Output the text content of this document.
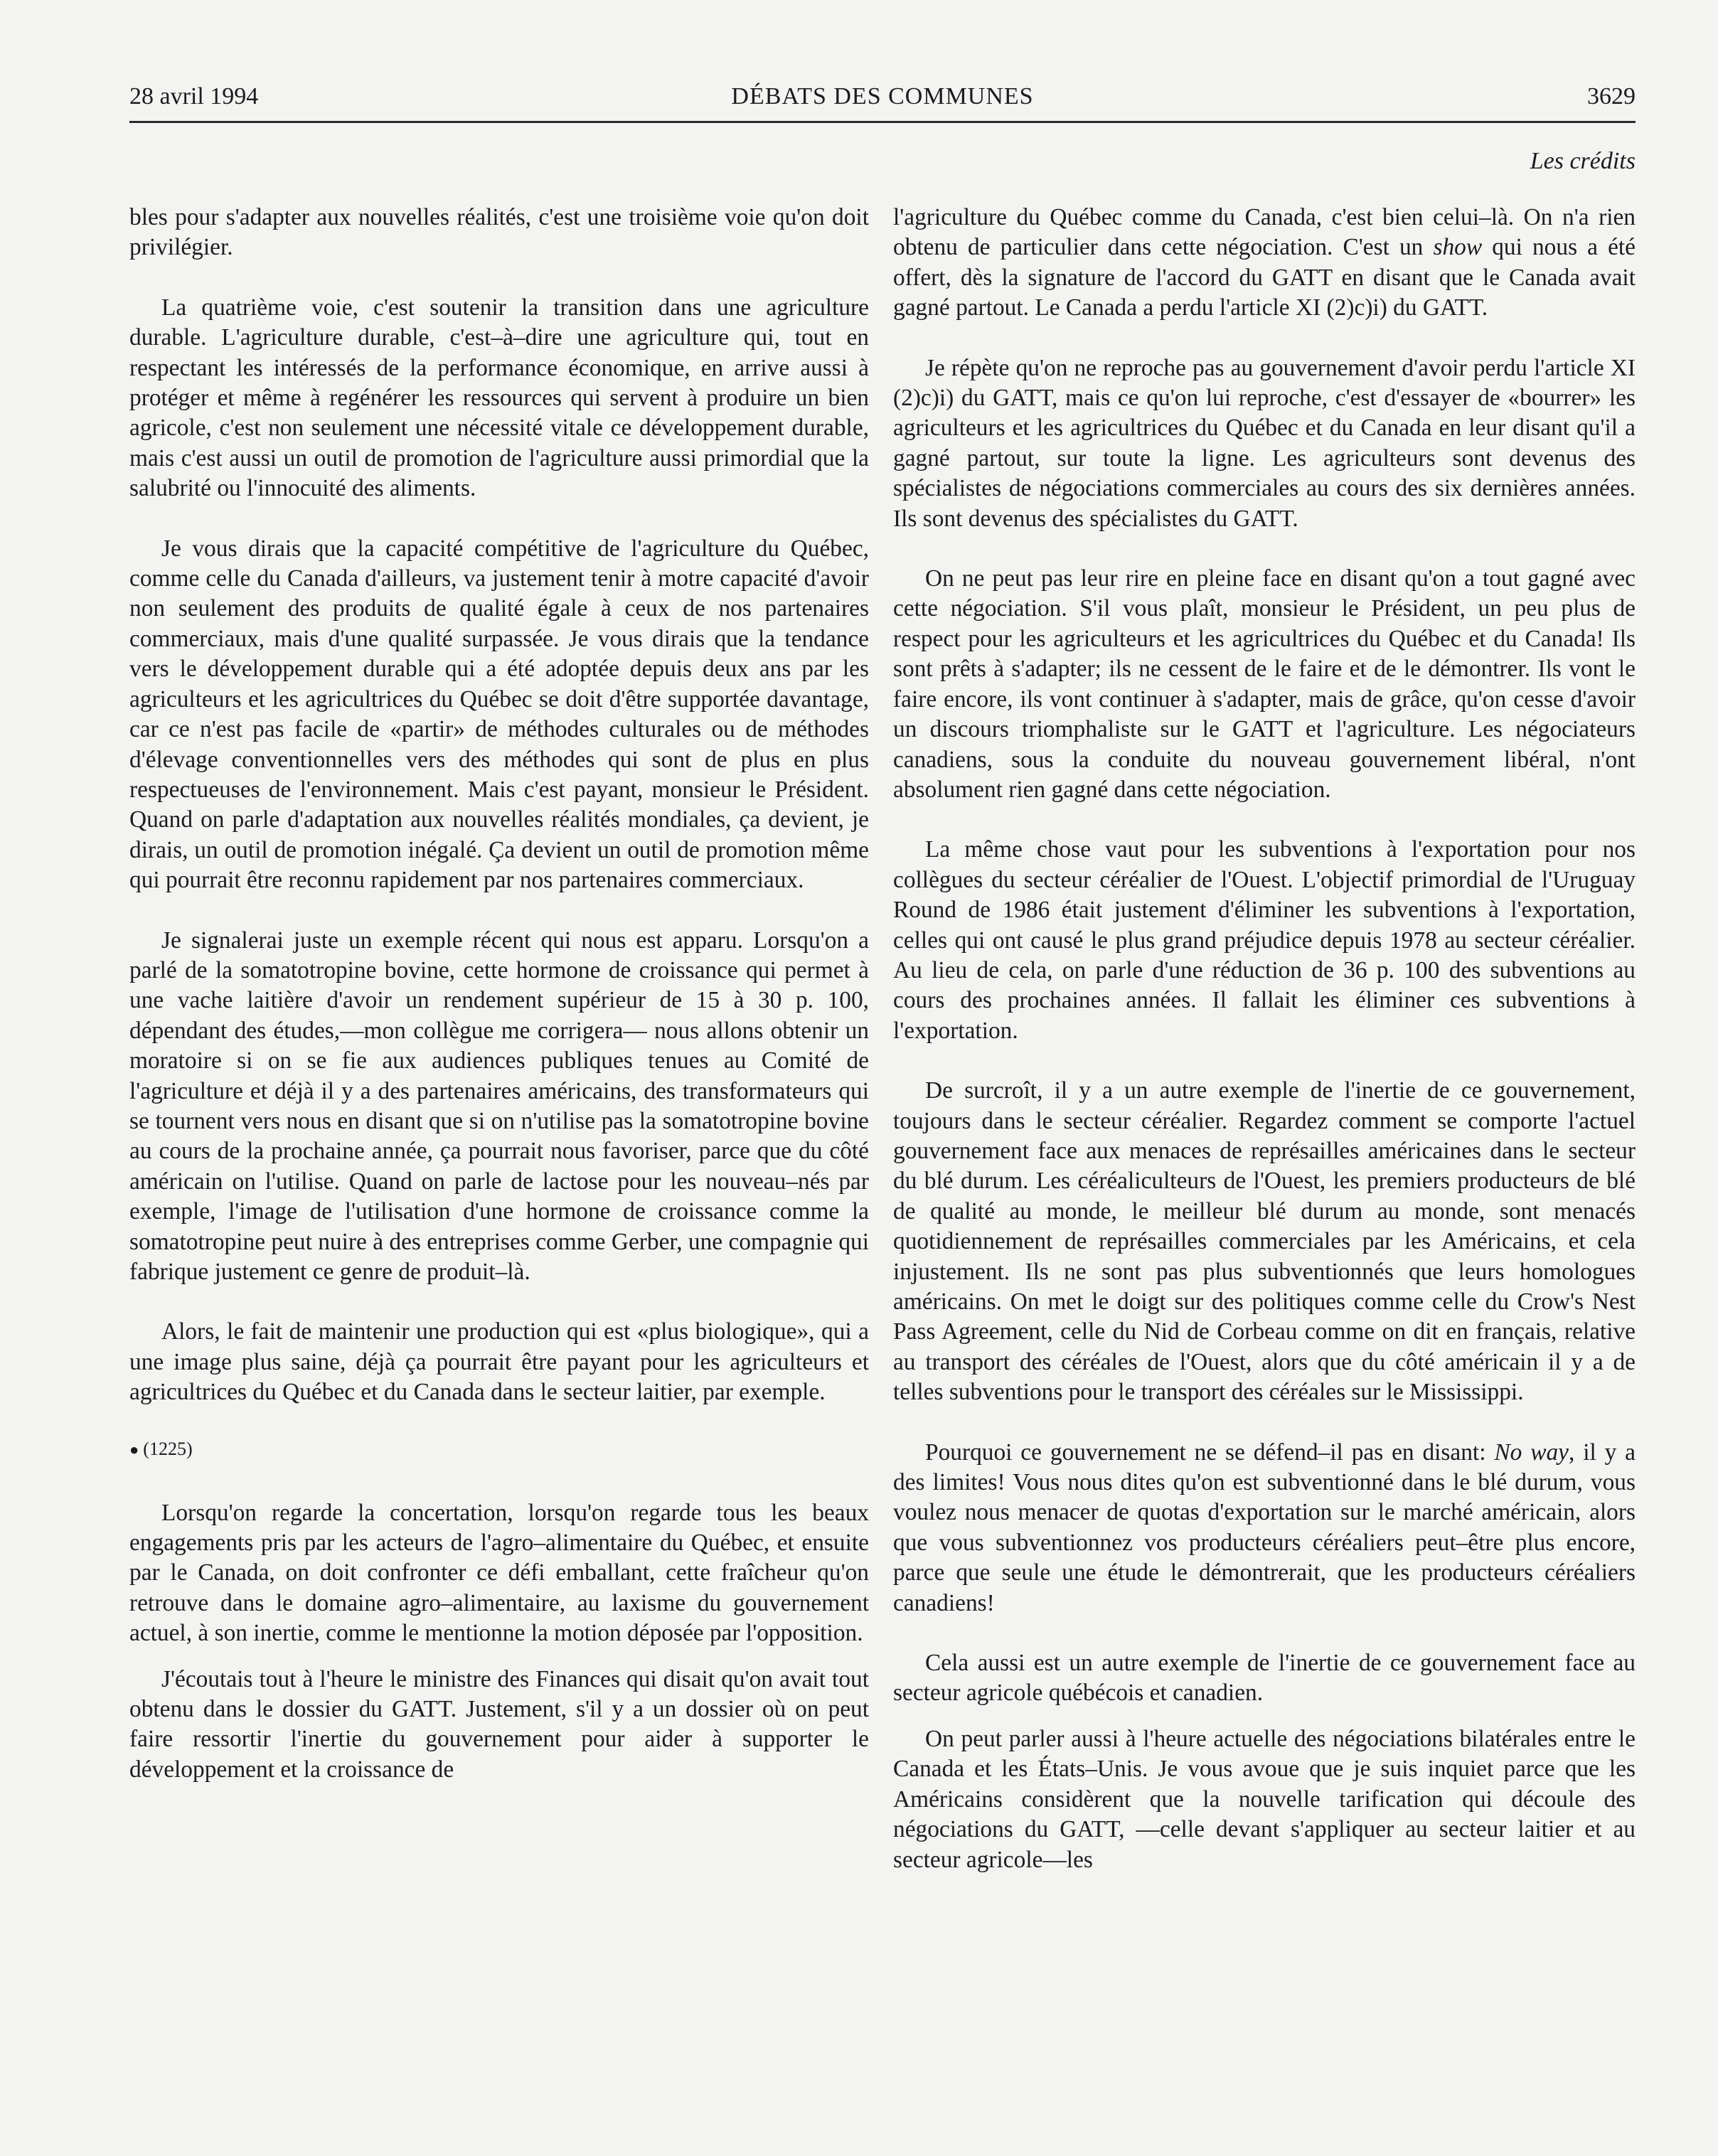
28 avril 1994	DÉBATS DES COMMUNES	3629
Les crédits

bles pour s'adapter aux nouvelles réalités, c'est une troisième voie qu'on doit privilégier.

La quatrième voie, c'est soutenir la transition dans une agriculture durable. L'agriculture durable, c'est–à–dire une agriculture qui, tout en respectant les intéressés de la performance économique, en arrive aussi à protéger et même à regénérer les ressources qui servent à produire un bien agricole, c'est non seulement une nécessité vitale ce développement durable, mais c'est aussi un outil de promotion de l'agriculture aussi primordial que la salubrité ou l'innocuité des aliments.

Je vous dirais que la capacité compétitive de l'agriculture du Québec, comme celle du Canada d'ailleurs, va justement tenir à motre capacité d'avoir non seulement des produits de qualité égale à ceux de nos partenaires commerciaux, mais d'une qualité surpassée. Je vous dirais que la tendance vers le développement durable qui a été adoptée depuis deux ans par les agriculteurs et les agricultrices du Québec se doit d'être supportée davantage, car ce n'est pas facile de «partir» de méthodes culturales ou de méthodes d'élevage conventionnelles vers des méthodes qui sont de plus en plus respectueuses de l'environnement. Mais c'est payant, monsieur le Président. Quand on parle d'adaptation aux nouvelles réalités mondiales, ça devient, je dirais, un outil de promotion inégalé. Ça devient un outil de promotion même qui pourrait être reconnu rapidement par nos partenaires commerciaux.

Je signalerai juste un exemple récent qui nous est apparu. Lorsqu'on a parlé de la somatotropine bovine, cette hormone de croissance qui permet à une vache laitière d'avoir un rendement supérieur de 15 à 30 p. 100, dépendant des études,—mon collègue me corrigera— nous allons obtenir un moratoire si on se fie aux audiences publiques tenues au Comité de l'agriculture et déjà il y a des partenaires américains, des transformateurs qui se tournent vers nous en disant que si on n'utilise pas la somatotropine bovine au cours de la prochaine année, ça pourrait nous favoriser, parce que du côté américain on l'utilise. Quand on parle de lactose pour les nouveau–nés par exemple, l'image de l'utilisation d'une hormone de croissance comme la somatotropine peut nuire à des entreprises comme Gerber, une compagnie qui fabrique justement ce genre de produit–là.

Alors, le fait de maintenir une production qui est «plus biologique», qui a une image plus saine, déjà ça pourrait être payant pour les agriculteurs et agricultrices du Québec et du Canada dans le secteur laitier, par exemple.

● (1225)

Lorsqu'on regarde la concertation, lorsqu'on regarde tous les beaux engagements pris par les acteurs de l'agro–alimentaire du Québec, et ensuite par le Canada, on doit confronter ce défi emballant, cette fraîcheur qu'on retrouve dans le domaine agro–alimentaire, au laxisme du gouvernement actuel, à son inertie, comme le mentionne la motion déposée par l'opposition.

J'écoutais tout à l'heure le ministre des Finances qui disait qu'on avait tout obtenu dans le dossier du GATT. Justement, s'il y a un dossier où on peut faire ressortir l'inertie du gouvernement pour aider à supporter le développement et la croissance de

l'agriculture du Québec comme du Canada, c'est bien celui–là. On n'a rien obtenu de particulier dans cette négociation. C'est un show qui nous a été offert, dès la signature de l'accord du GATT en disant que le Canada avait gagné partout. Le Canada a perdu l'article XI (2)c)i) du GATT.

Je répète qu'on ne reproche pas au gouvernement d'avoir perdu l'article XI (2)c)i) du GATT, mais ce qu'on lui reproche, c'est d'essayer de «bourrer» les agriculteurs et les agricultrices du Québec et du Canada en leur disant qu'il a gagné partout, sur toute la ligne. Les agriculteurs sont devenus des spécialistes de négociations commerciales au cours des six dernières années. Ils sont devenus des spécialistes du GATT.

On ne peut pas leur rire en pleine face en disant qu'on a tout gagné avec cette négociation. S'il vous plaît, monsieur le Président, un peu plus de respect pour les agriculteurs et les agricultrices du Québec et du Canada! Ils sont prêts à s'adapter; ils ne cessent de le faire et de le démontrer. Ils vont le faire encore, ils vont continuer à s'adapter, mais de grâce, qu'on cesse d'avoir un discours triomphaliste sur le GATT et l'agriculture. Les négociateurs canadiens, sous la conduite du nouveau gouvernement libéral, n'ont absolument rien gagné dans cette négociation.

La même chose vaut pour les subventions à l'exportation pour nos collègues du secteur céréalier de l'Ouest. L'objectif primordial de l'Uruguay Round de 1986 était justement d'éliminer les subventions à l'exportation, celles qui ont causé le plus grand préjudice depuis 1978 au secteur céréalier. Au lieu de cela, on parle d'une réduction de 36 p. 100 des subventions au cours des prochaines années. Il fallait les éliminer ces subventions à l'exportation.

De surcroît, il y a un autre exemple de l'inertie de ce gouvernement, toujours dans le secteur céréalier. Regardez comment se comporte l'actuel gouvernement face aux menaces de représailles américaines dans le secteur du blé durum. Les céréaliculteurs de l'Ouest, les premiers producteurs de blé de qualité au monde, le meilleur blé durum au monde, sont menacés quotidiennement de représailles commerciales par les Américains, et cela injustement. Ils ne sont pas plus subventionnés que leurs homologues américains. On met le doigt sur des politiques comme celle du Crow's Nest Pass Agreement, celle du Nid de Corbeau comme on dit en français, relative au transport des céréales de l'Ouest, alors que du côté américain il y a de telles subventions pour le transport des céréales sur le Mississippi.

Pourquoi ce gouvernement ne se défend–il pas en disant: No way, il y a des limites! Vous nous dites qu'on est subventionné dans le blé durum, vous voulez nous menacer de quotas d'exportation sur le marché américain, alors que vous subventionnez vos producteurs céréaliers peut–être plus encore, parce que seule une étude le démontrerait, que les producteurs céréaliers canadiens!

Cela aussi est un autre exemple de l'inertie de ce gouvernement face au secteur agricole québécois et canadien.

On peut parler aussi à l'heure actuelle des négociations bilatérales entre le Canada et les États–Unis. Je vous avoue que je suis inquiet parce que les Américains considèrent que la nouvelle tarification qui découle des négociations du GATT, —celle devant s'appliquer au secteur laitier et au secteur agricole—les
